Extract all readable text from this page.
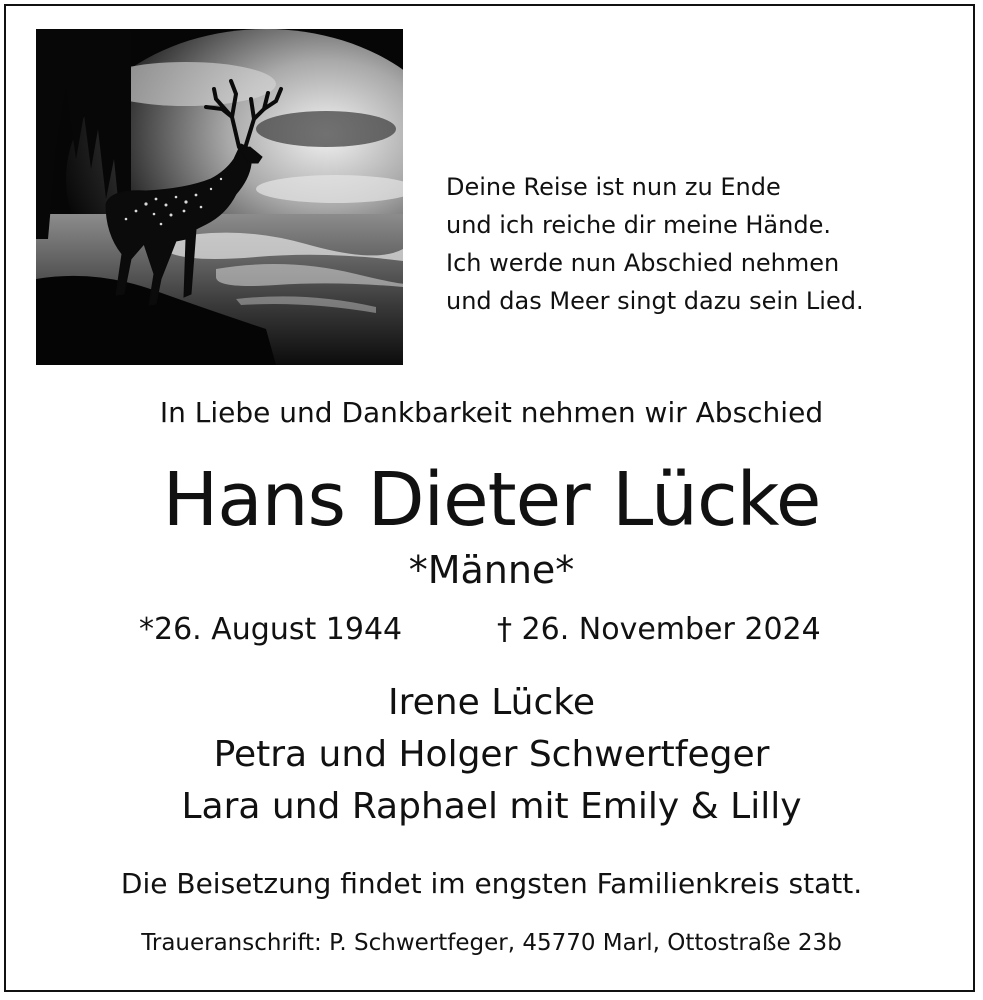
Deine Reise ist nun zu Ende
und ich reiche dir meine Hände.
Ich werde nun Abschied nehmen
und das Meer singt dazu sein Lied.
In Liebe und Dankbarkeit nehmen wir Abschied
Hans Dieter Lücke
*Männe*
*26. August 1944	† 26. November 2024
Irene Lücke
Petra und Holger Schwertfeger
Lara und Raphael mit Emily & Lilly
Die Beisetzung findet im engsten Familienkreis statt.
Traueranschrift: P. Schwertfeger, 45770 Marl, Ottostraße 23b
